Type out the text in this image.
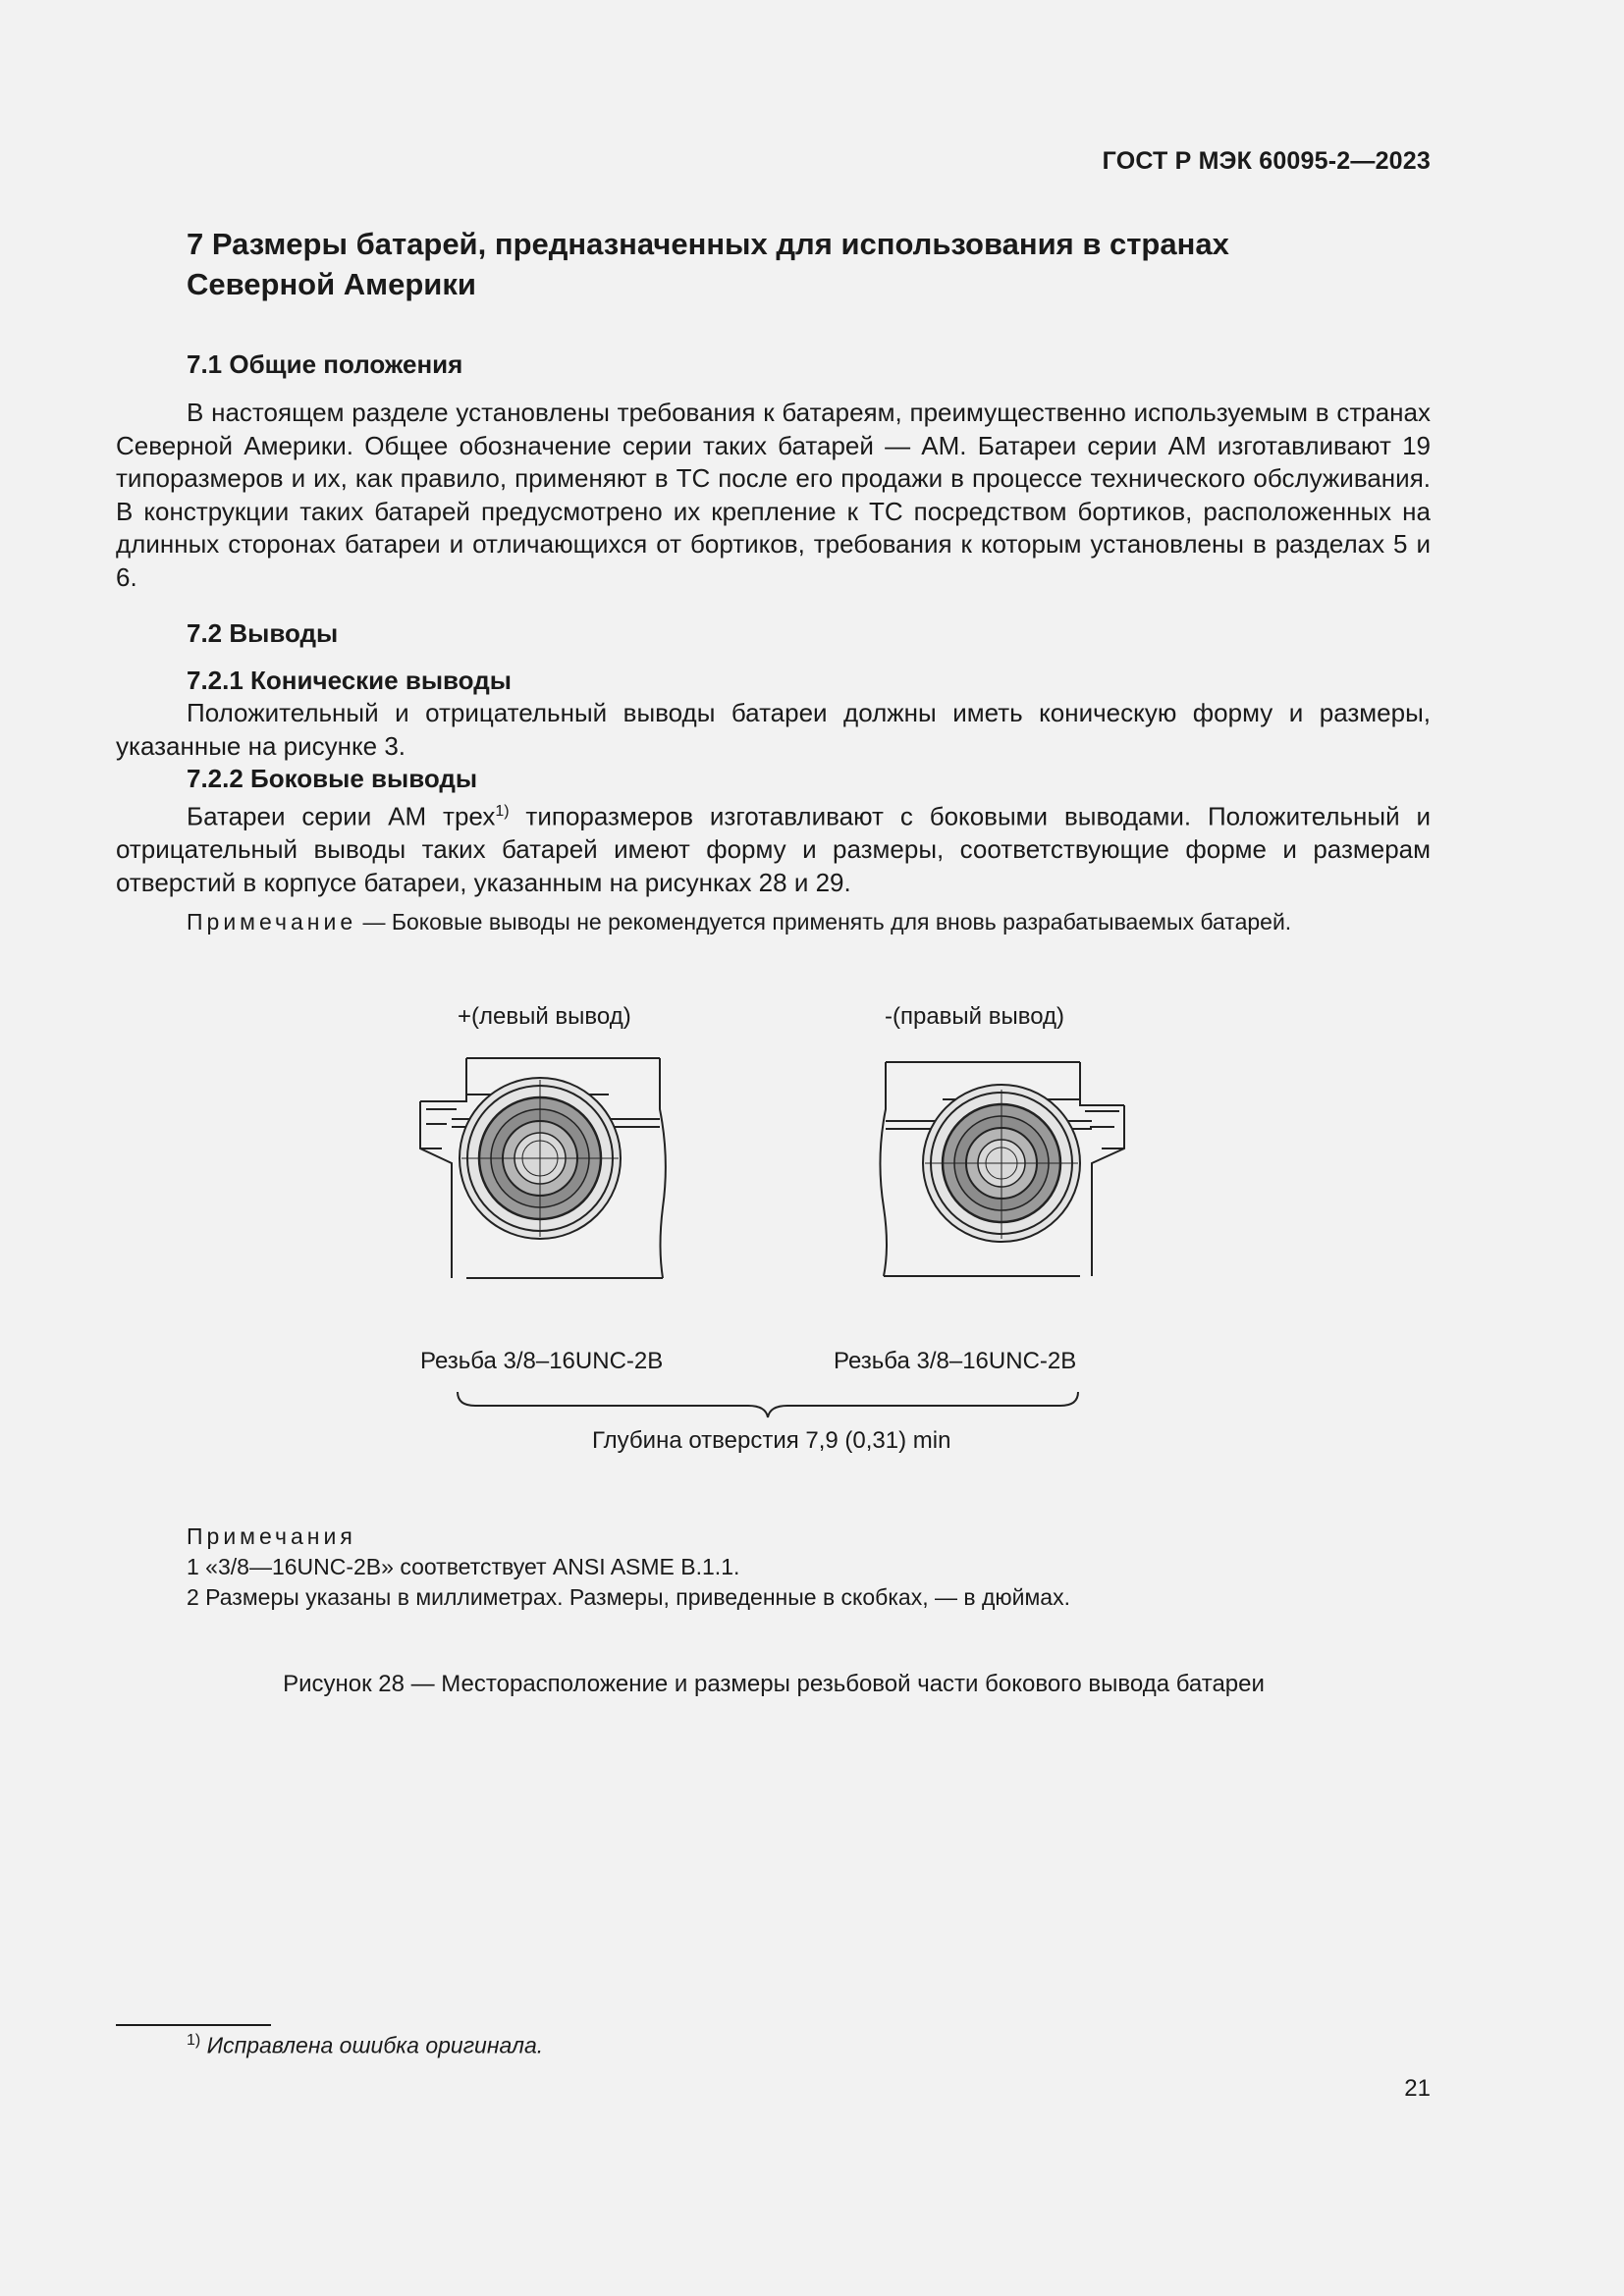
ГОСТ Р МЭК 60095-2—2023
7 Размеры батарей, предназначенных для использования в странах
Северной Америки
7.1 Общие положения
В настоящем разделе установлены требования к батареям, преимущественно используемым в странах Северной Америки. Общее обозначение серии таких батарей — АМ. Батареи серии АМ изготавливают 19 типоразмеров и их, как правило, применяют в ТС после его продажи в процессе технического обслуживания. В конструкции таких батарей предусмотрено их крепление к ТС посредством бортиков, расположенных на длинных сторонах батареи и отличающихся от бортиков, требования к которым установлены в разделах 5 и 6.
7.2 Выводы
7.2.1 Конические выводы
Положительный и отрицательный выводы батареи должны иметь коническую форму и размеры, указанные на рисунке 3.
7.2.2 Боковые выводы
Батареи серии АМ трех$^{1)}$ типоразмеров изготавливают с боковыми выводами. Положительный и отрицательный выводы таких батарей имеют форму и размеры, соответствующие форме и размерам отверстий в корпусе батареи, указанным на рисунках 28 и 29.
Примечание — Боковые выводы не рекомендуется применять для вновь разрабатываемых батарей.
+(левый вывод)	-(правый вывод)
Резьба 3/8–16UNC-2B	Резьба 3/8–16UNC-2B
Глубина отверстия 7,9 (0,31) min
Примечания
1 «3/8—16UNC-2B» соответствует ANSI ASME B.1.1.
2 Размеры указаны в миллиметрах. Размеры, приведенные в скобках, — в дюймах.
Рисунок 28 — Месторасположение и размеры резьбовой части бокового вывода батареи
$^{1)}$ Исправлена ошибка оригинала.
21
